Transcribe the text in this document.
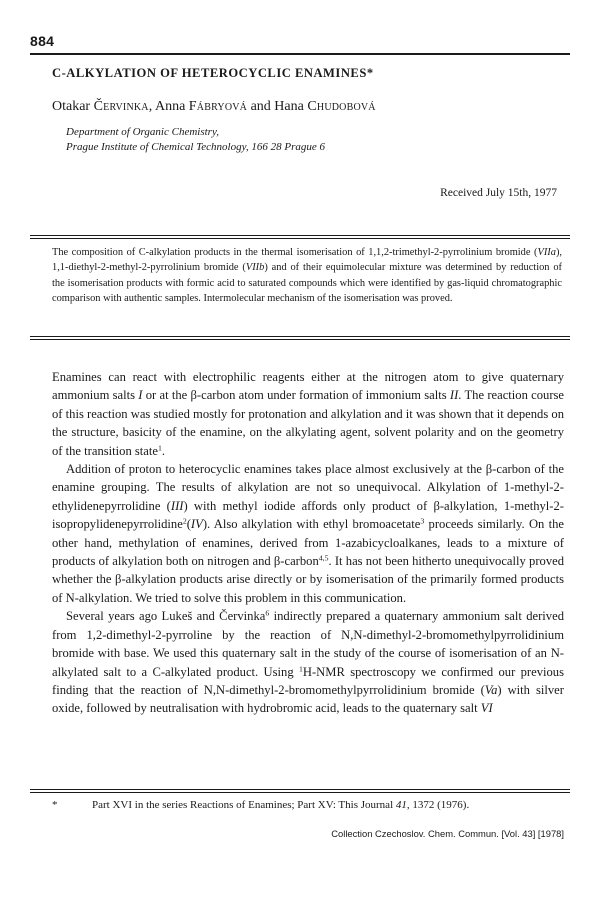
884
C-ALKYLATION OF HETEROCYCLIC ENAMINES*
Otakar Červinka, Anna Fábryová and Hana Chudobová
Department of Organic Chemistry,
Prague Institute of Chemical Technology, 166 28 Prague 6
Received July 15th, 1977
The composition of C-alkylation products in the thermal isomerisation of 1,1,2-trimethyl-2-pyrrolinium bromide (VIIa), 1,1-diethyl-2-methyl-2-pyrrolinium bromide (VIIb) and of their equimolecular mixture was determined by reduction of the isomerisation products with formic acid to saturated compounds which were identified by gas-liquid chromatographic comparison with authentic samples. Intermolecular mechanism of the isomerisation was proved.

Enamines can react with electrophilic reagents either at the nitrogen atom to give quaternary ammonium salts I or at the β-carbon atom under formation of immonium salts II. The reaction course of this reaction was studied mostly for protonation and alkylation and it was shown that it depends on the structure, basicity of the enamine, on the alkylating agent, solvent polarity and on the geometry of the transition state$^1$.

Addition of proton to heterocyclic enamines takes place almost exclusively at the β-carbon of the enamine grouping. The results of alkylation are not so unequivocal. Alkylation of 1-methyl-2-ethylidenepyrrolidine (III) with methyl iodide affords only product of β-alkylation, 1-methyl-2-isopropylidenepyrrolidine$^2$(IV). Also alkylation with ethyl bromoacetate$^3$ proceeds similarly. On the other hand, methylation of enamines, derived from 1-azabicycloalkanes, leads to a mixture of products of alkylation both on nitrogen and β-carbon$^{4,5}$. It has not been hitherto unequivocally proved whether the β-alkylation products arise directly or by isomerisation of the primarily formed products of N-alkylation. We tried to solve this problem in this communication.

Several years ago Lukeš and Červinka$^6$ indirectly prepared a quaternary ammonium salt derived from 1,2-dimethyl-2-pyrroline by the reaction of N,N-dimethyl-2-bromomethylpyrrolidinium bromide with base. We used this quaternary salt in the study of the course of isomerisation of an N-alkylated salt to a C-alkylated product. Using $^1$H-NMR spectroscopy we confirmed our previous finding that the reaction of N,N-dimethyl-2-bromomethylpyrrolidinium bromide (Va) with silver oxide, followed by neutralisation with hydrobromic acid, leads to the quaternary salt VI

*	Part XVI in the series Reactions of Enamines; Part XV: This Journal 41, 1372 (1976).
Collection Czechoslov. Chem. Commun. [Vol. 43] [1978]
